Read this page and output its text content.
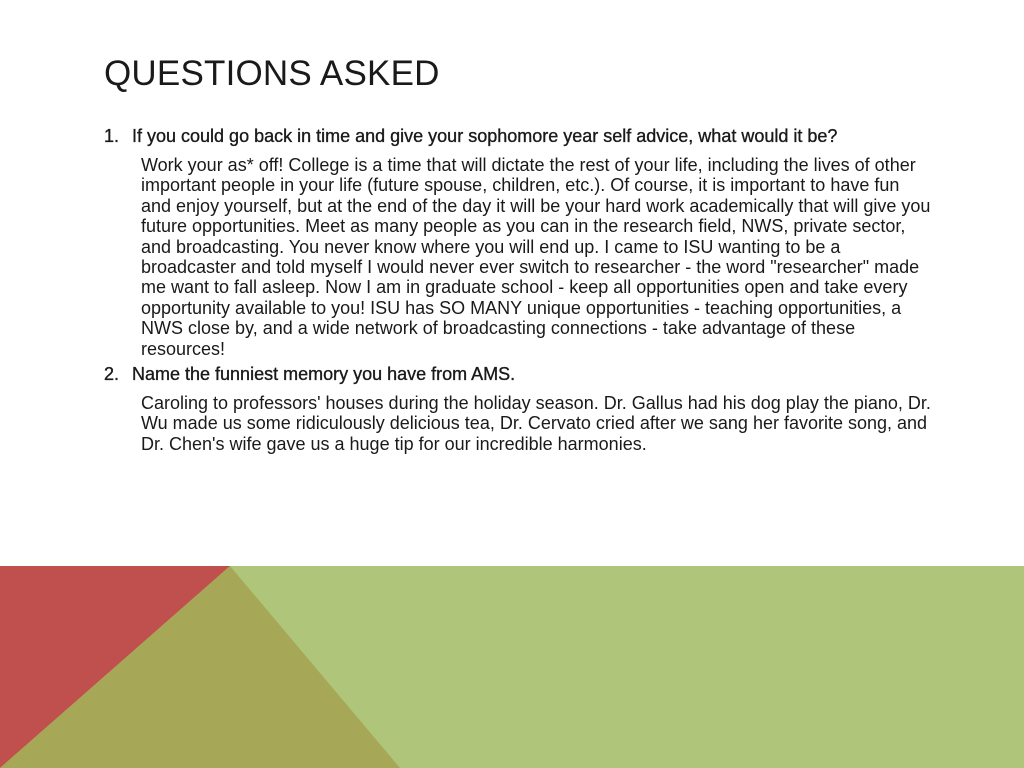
QUESTIONS ASKED
1. If you could go back in time and give your sophomore year self advice, what would it be?
Work your as* off! College is a time that will dictate the rest of your life, including the lives of other important people in your life (future spouse, children, etc.). Of course, it is important to have fun and enjoy yourself, but at the end of the day it will be your hard work academically that will give you future opportunities. Meet as many people as you can in the research field, NWS, private sector, and broadcasting. You never know where you will end up. I came to ISU wanting to be a broadcaster and told myself I would never ever switch to researcher - the word "researcher" made me want to fall asleep. Now I am in graduate school - keep all opportunities open and take every opportunity available to you! ISU has SO MANY unique opportunities - teaching opportunities, a NWS close by, and a wide network of broadcasting connections - take advantage of these resources!
2. Name the funniest memory you have from AMS.
Caroling to professors' houses during the holiday season. Dr. Gallus had his dog play the piano, Dr. Wu made us some ridiculously delicious tea, Dr. Cervato cried after we sang her favorite song, and Dr. Chen's wife gave us a huge tip for our incredible harmonies.
